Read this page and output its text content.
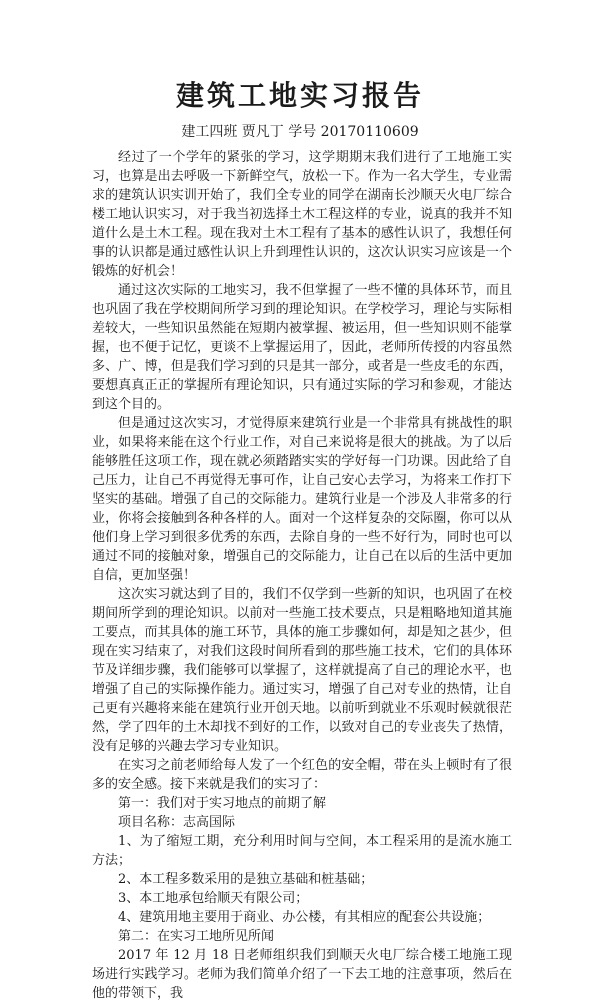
建筑工地实习报告
建工四班 贾凡丁 学号 20170110609

经过了一个学年的紧张的学习，这学期期末我们进行了工地施工实习，也算是出去呼吸一下新鲜空气，放松一下。作为一名大学生，专业需求的建筑认识实训开始了，我们全专业的同学在湖南长沙顺天火电厂综合楼工地认识实习，对于我当初选择土木工程这样的专业，说真的我并不知道什么是土木工程。现在我对土木工程有了基本的感性认识了，我想任何事的认识都是通过感性认识上升到理性认识的，这次认识实习应该是一个锻炼的好机会！

通过这次实际的工地实习，我不但掌握了一些不懂的具体环节，而且也巩固了我在学校期间所学习到的理论知识。在学校学习，理论与实际相差较大，一些知识虽然能在短期内被掌握、被运用，但一些知识则不能掌握，也不便于记忆，更谈不上掌握运用了，因此，老师所传授的内容虽然多、广、博，但是我们学习到的只是其一部分，或者是一些皮毛的东西，要想真真正正的掌握所有理论知识，只有通过实际的学习和参观，才能达到这个目的。

但是通过这次实习，才觉得原来建筑行业是一个非常具有挑战性的职业，如果将来能在这个行业工作，对自己来说将是很大的挑战。为了以后能够胜任这项工作，现在就必须踏踏实实的学好每一门功课。因此给了自己压力，让自己不再觉得无事可作，让自己安心去学习，为将来工作打下坚实的基础。增强了自己的交际能力。建筑行业是一个涉及人非常多的行业，你将会接触到各种各样的人。面对一个这样复杂的交际圈，你可以从他们身上学习到很多优秀的东西，去除自身的一些不好行为，同时也可以通过不同的接触对象，增强自己的交际能力，让自己在以后的生活中更加自信，更加坚强！

这次实习就达到了目的，我们不仅学到一些新的知识，也巩固了在校期间所学到的理论知识。以前对一些施工技术要点，只是粗略地知道其施工要点，而其具体的施工环节，具体的施工步骤如何，却是知之甚少，但现在实习结束了，对我们这段时间所看到的那些施工技术，它们的具体环节及详细步骤，我们能够可以掌握了，这样就提高了自己的理论水平，也增强了自己的实际操作能力。通过实习，增强了自己对专业的热情，让自己更有兴趣将来能在建筑行业开创天地。以前听到就业不乐观时候就很茫然，学了四年的土木却找不到好的工作，以致对自己的专业丧失了热情，没有足够的兴趣去学习专业知识。

在实习之前老师给每人发了一个红色的安全帽，带在头上顿时有了很多的安全感。接下来就是我们的实习了：

第一：我们对于实习地点的前期了解

项目名称：志高国际

1、为了缩短工期，充分利用时间与空间，本工程采用的是流水施工方法；

2、本工程多数采用的是独立基础和桩基础；

3、本工地承包给顺天有限公司；

4、建筑用地主要用于商业、办公楼，有其相应的配套公共设施；

第二：在实习工地所见所闻

2017 年 12 月 18 日老师组织我们到顺天火电厂综合楼工地施工现场进行实践学习。老师为我们简单介绍了一下去工地的注意事项，然后在他的带领下，我
